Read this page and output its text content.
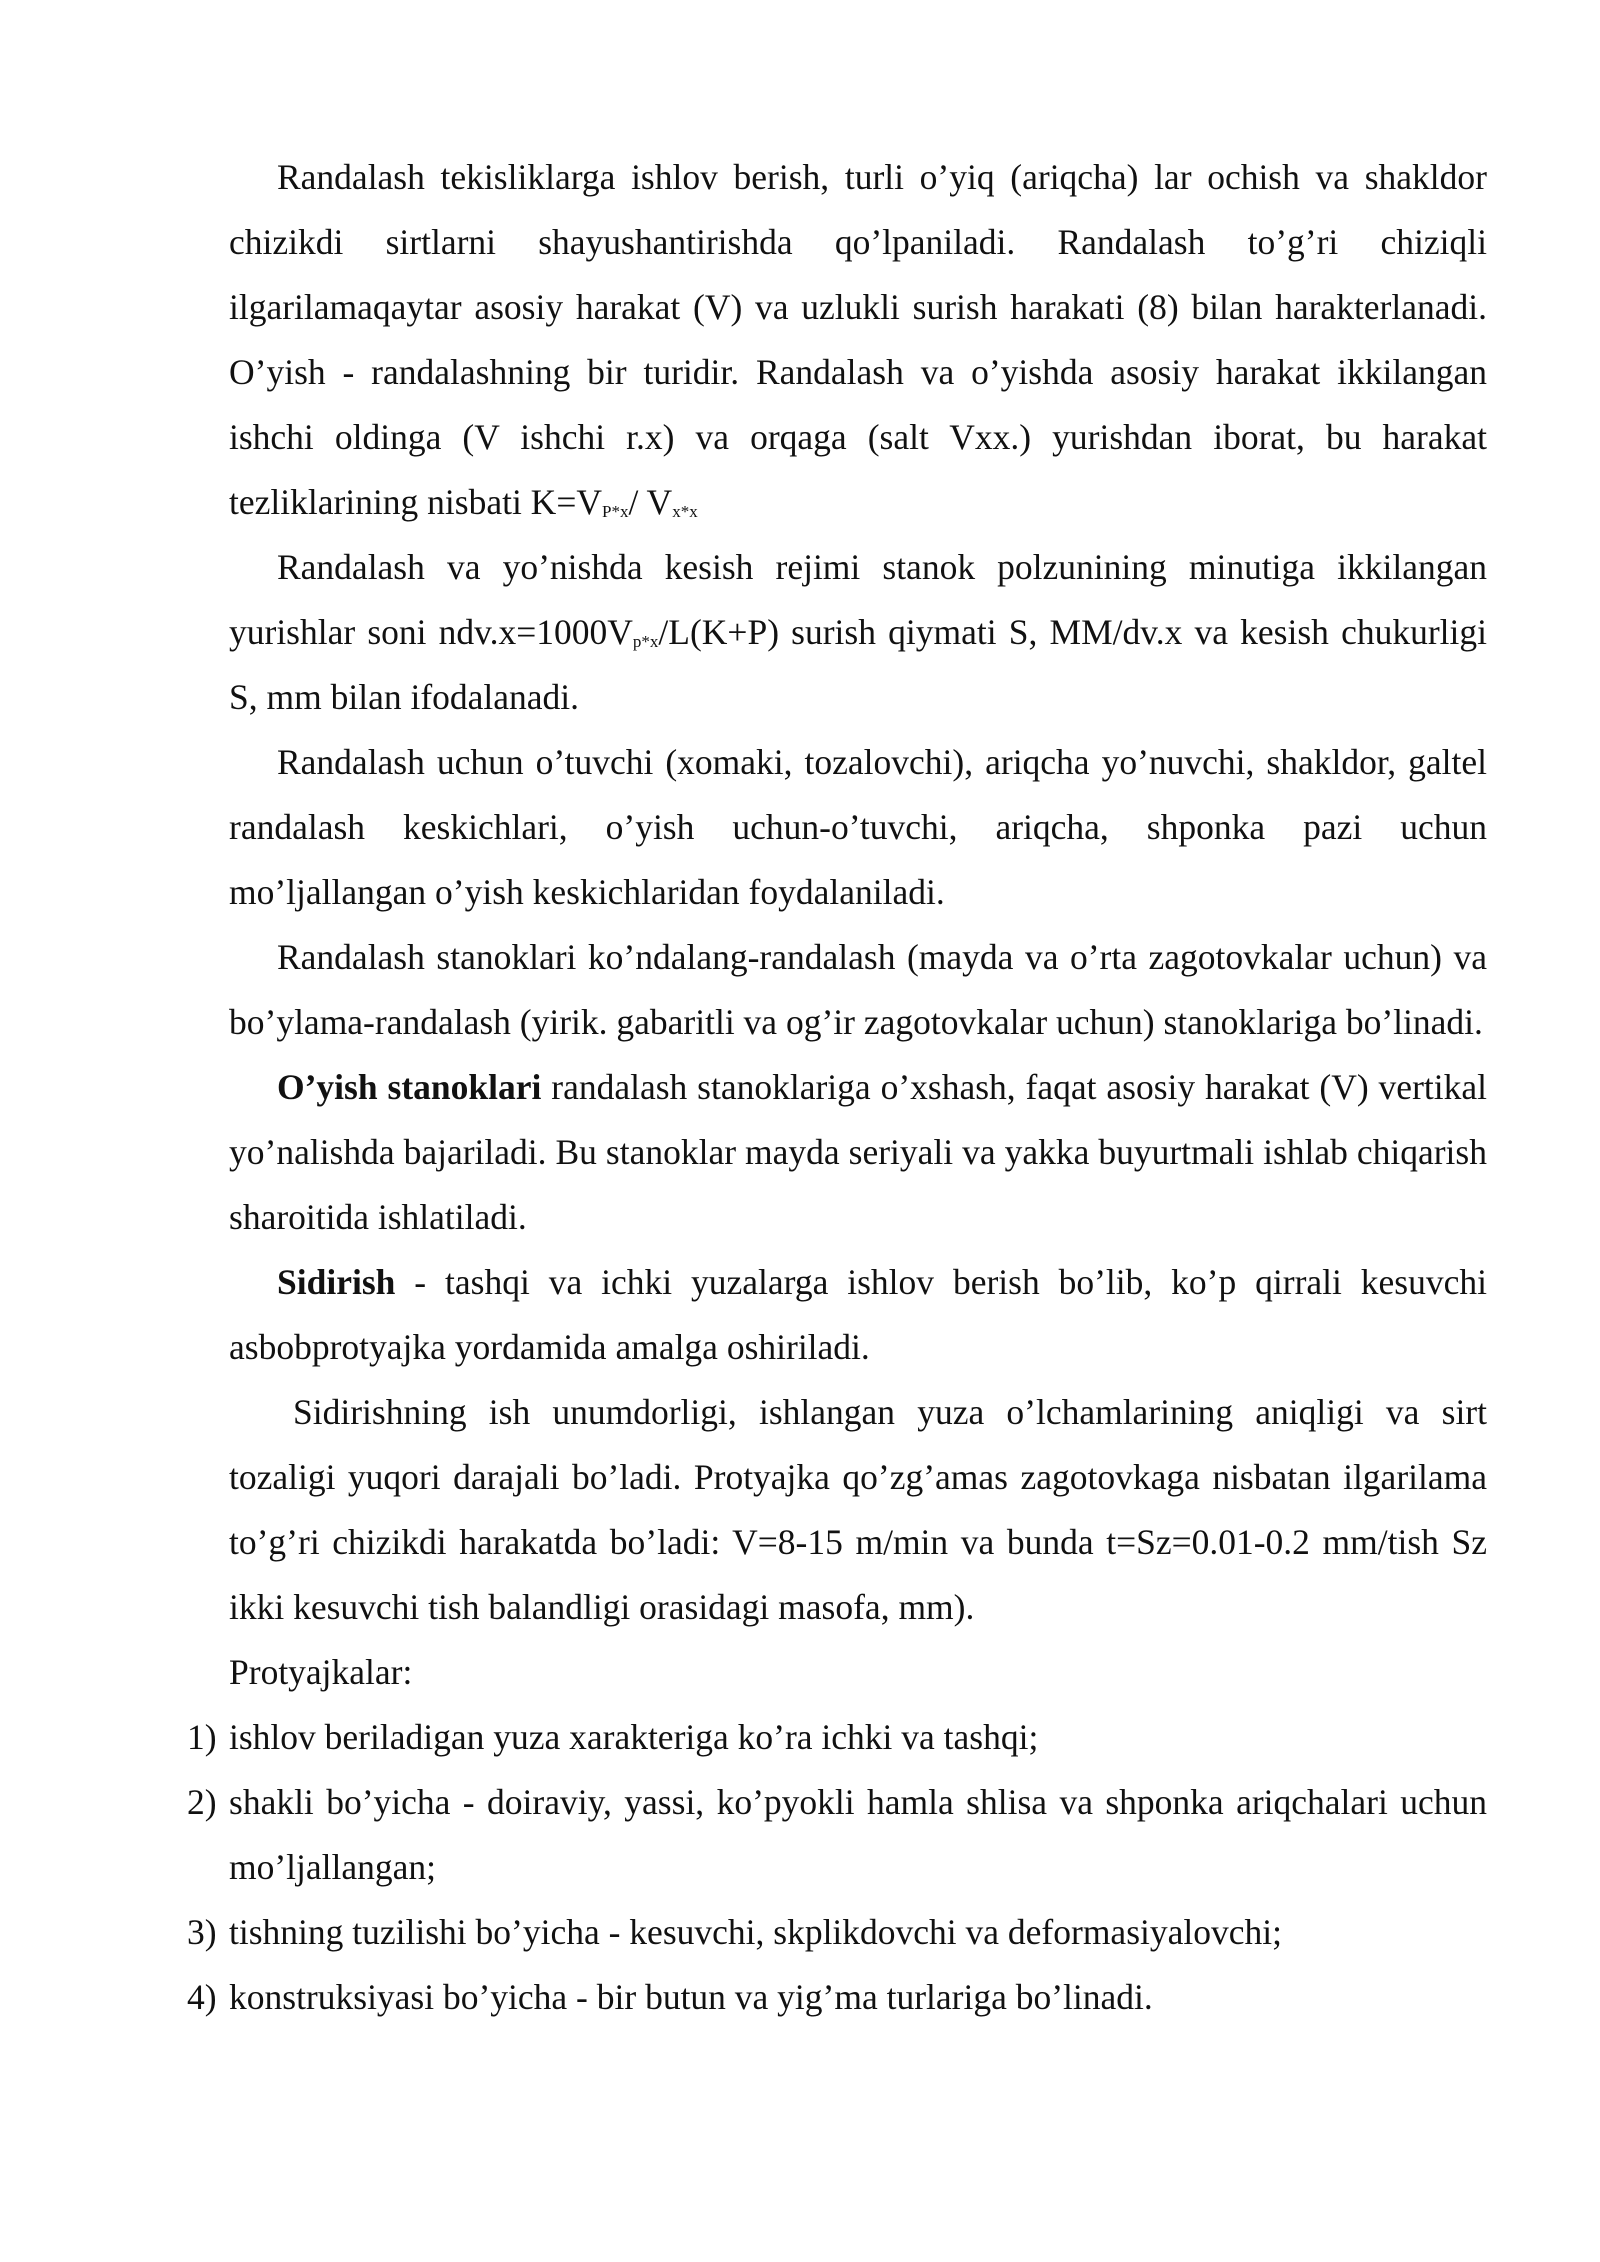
Randalash tekisliklarga ishlov berish, turli o’yiq (ariqcha) lar ochish va shakldor chizikdi sirtlarni shayushantirishda qo’lpaniladi. Randalash to’g’ri chiziqli ilgarilamaqaytar asosiy harakat (V) va uzlukli surish harakati (8) bilan harakterlanadi. O’yish - randalashning bir turidir. Randalash va o’yishda asosiy harakat ikkilangan ishchi oldinga (V ishchi r.x) va orqaga (salt Vxx.) yurishdan iborat, bu harakat tezliklarining nisbati $K=V_{P*x}/$ $V_{x*x}$

Randalash va yo’nishda kesish rejimi stanok polzunining minutiga ikkilangan yurishlar soni $ndv.x=1000V_{p*x}/L(K+P)$ surish qiymati S, MM/dv.x va kesish chukurligi S, mm bilan ifodalanadi.

Randalash uchun o’tuvchi (xomaki, tozalovchi), ariqcha yo’nuvchi, shakldor, galtel randalash keskichlari, o’yish uchun-o’tuvchi, ariqcha, shponka pazi uchun mo’ljallangan o’yish keskichlaridan foydalaniladi.

Randalash stanoklari ko’ndalang-randalash (mayda va o’rta zagotovkalar uchun) va bo’ylama-randalash (yirik. gabaritli va og’ir zagotovkalar uchun) stanoklariga bo’linadi.

O’yish stanoklari randalash stanoklariga o’xshash, faqat asosiy harakat (V) vertikal yo’nalishda bajariladi. Bu stanoklar mayda seriyali va yakka buyurtmali ishlab chiqarish sharoitida ishlatiladi.

Sidirish - tashqi va ichki yuzalarga ishlov berish bo’lib, ko’p qirrali kesuvchi asbobprotyajka yordamida amalga oshiriladi.

Sidirishning ish unumdorligi, ishlangan yuza o’lchamlarining aniqligi va sirt tozaligi yuqori darajali bo’ladi. Protyajka qo’zg’amas zagotovkaga nisbatan ilgarilama to’g’ri chizikdi harakatda bo’ladi: V=8-15 m/min va bunda t=Sz=0.01-0.2 mm/tish Sz ikki kesuvchi tish balandligi orasidagi masofa, mm).

Protyajkalar:

1) ishlov beriladigan yuza xarakteriga ko’ra ichki va tashqi;
2) shakli bo’yicha - doiraviy, yassi, ko’pyokli hamla shlisa va shponka ariqchalari uchun mo’ljallangan;
3) tishning tuzilishi bo’yicha - kesuvchi, skplikdovchi va deformasiyalovchi;
4) konstruksiyasi bo’yicha - bir butun va yig’ma turlariga bo’linadi.
